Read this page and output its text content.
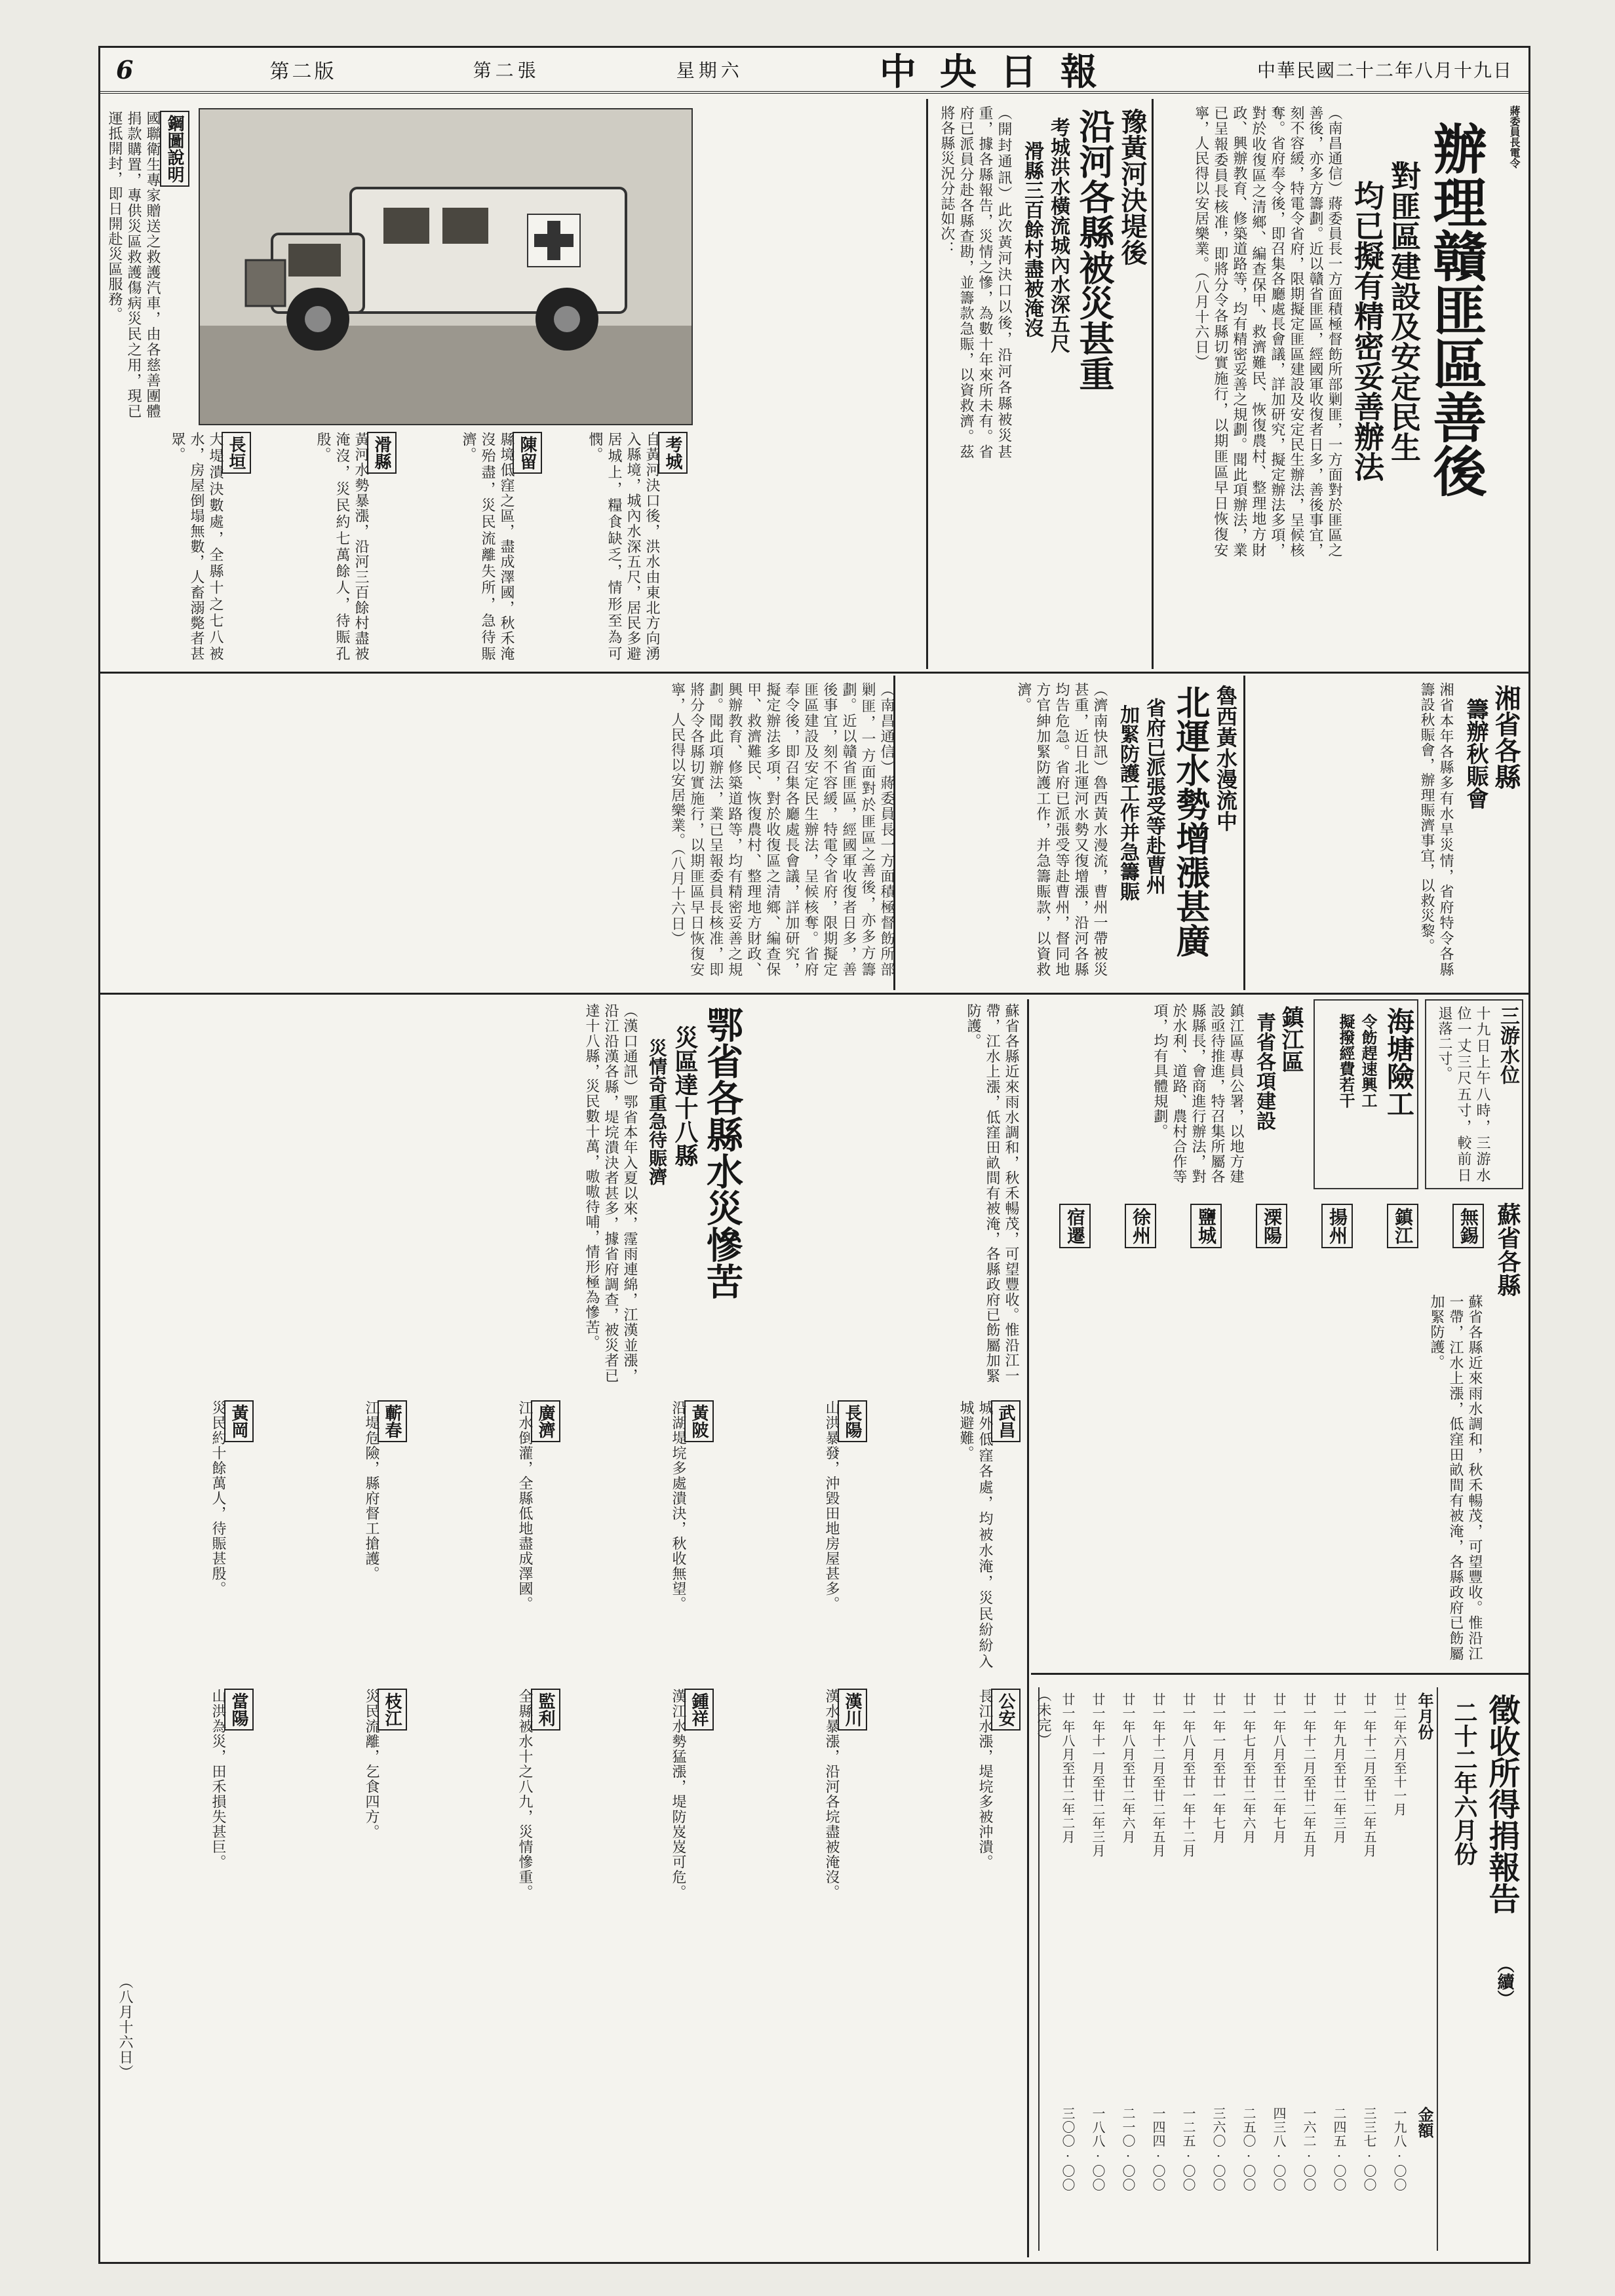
中華民國二十二年八月十九日
中央日報
星期六
第二張
第二版
6
蔣委員長電令
辦理贛匪區善後
對匪區建設及安定民生
均已擬有精密妥善辦法
（南昌通信）蔣委員長一方面積極督飭所部剿匪，一方面對於匪區之善後，亦多方籌劃。近以贛省匪區，經國軍收復者日多，善後事宜，刻不容緩，特電令省府，限期擬定匪區建設及安定民生辦法，呈候核奪。省府奉令後，即召集各廳處長會議，詳加研究，擬定辦法多項，對於收復區之清鄉、編查保甲、救濟難民、恢復農村、整理地方財政、興辦教育、修築道路等，均有精密妥善之規劃。聞此項辦法，業已呈報委員長核准，即將分令各縣切實施行，以期匪區早日恢復安寧，人民得以安居樂業。（八月十六日）
豫黃河決堤後
沿河各縣被災甚重
考城洪水橫流城內水深五尺
滑縣三百餘村盡被淹沒
（開封通訊）此次黃河決口以後，沿河各縣被災甚重，據各縣報告，災情之慘，為數十年來所未有。省府已派員分赴各縣查勘，並籌款急賑，以資救濟。茲將各縣災況分誌如次：
鋼圖說明
國聯衛生專家贈送之救護汽車，由各慈善團體捐款購置，專供災區救護傷病災民之用，現已運抵開封，即日開赴災區服務。
考城
自黃河決口後，洪水由東北方向湧入縣境，城內水深五尺，居民多避居城上，糧食缺乏，情形至為可憫。
陳留
縣境低窪之區，盡成澤國，秋禾淹沒殆盡，災民流離失所，急待賑濟。
滑縣
黃河水勢暴漲，沿河三百餘村盡被淹沒，災民約七萬餘人，待賑孔殷。
長垣
大堤潰決數處，全縣十之七八被水，房屋倒塌無數，人畜溺斃者甚眾。
湘省各縣
籌辦秋賑會
湘省本年各縣多有水旱災情，省府特令各縣籌設秋賑會，辦理賑濟事宜，以救災黎。
魯西黃水漫流中
北運水勢增漲甚廣
省府已派張受等赴曹州
加緊防護工作并急籌賑
（濟南快訊）魯西黃水漫流，曹州一帶被災甚重，近日北運河水勢又復增漲，沿河各縣均告危急。省府已派張受等赴曹州，督同地方官紳加緊防護工作，并急籌賑款，以資救濟。
（南昌通信）蔣委員長一方面積極督飭所部剿匪，一方面對於匪區之善後，亦多方籌劃。近以贛省匪區，經國軍收復者日多，善後事宜，刻不容緩，特電令省府，限期擬定匪區建設及安定民生辦法，呈候核奪。省府奉令後，即召集各廳處長會議，詳加研究，擬定辦法多項，對於收復區之清鄉、編查保甲、救濟難民、恢復農村、整理地方財政、興辦教育、修築道路等，均有精密妥善之規劃。聞此項辦法，業已呈報委員長核准，即將分令各縣切實施行，以期匪區早日恢復安寧，人民得以安居樂業。（八月十六日）
三游水位
十九日上午八時，三游水位一丈三尺五寸，較前日退落二寸。
海塘險工
令飭趕速興工
擬撥經費若干
鎮江區
青省各項建設
鎮江區專員公署，以地方建設亟待推進，特召集所屬各縣縣長，會商進行辦法，對於水利、道路、農村合作等項，均有具體規劃。
鄂省各縣水災慘苦
災區達十八縣
災情奇重急待賑濟
（漢口通訊）鄂省本年入夏以來，霪雨連綿，江漢並漲，沿江沿漢各縣，堤垸潰決者甚多，據省府調查，被災者已達十八縣，災民數十萬，嗷嗷待哺，情形極為慘苦。	蘇省各縣近來雨水調和，秋禾暢茂，可望豐收。惟沿江一帶，江水上漲，低窪田畝間有被淹，各縣政府已飭屬加緊防護。
武昌
城外低窪各處，均被水淹，災民紛紛入城避難。
長陽
山洪暴發，沖毀田地房屋甚多。
黃陂
沿湖堤垸多處潰決，秋收無望。
廣濟
江水倒灌，全縣低地盡成澤國。
蘄春
江堤危險，縣府督工搶護。
黃岡
災民約十餘萬人，待賑甚殷。
公安
長江水漲，堤垸多被沖潰。
漢川
漢水暴漲，沿河各垸盡被淹沒。
鍾祥
漢江水勢猛漲，堤防岌岌可危。
監利
全縣被水十之八九，災情慘重。
枝江
災民流離，乞食四方。
當陽
山洪為災，田禾損失甚巨。
（八月十六日）
蘇省各縣
無錫
鎮江
揚州
溧陽
鹽城
徐州
宿遷
蘇省各縣近來雨水調和，秋禾暢茂，可望豐收。惟沿江一帶，江水上漲，低窪田畝間有被淹，各縣政府已飭屬加緊防護。
徵收所得捐報告
（續）
二十二年六月份
年月份
金額
廿二年六月至十一月
一九八·〇〇
廿一年十二月至廿二年五月
三三七·〇〇
廿一年九月至廿二年三月
二四五·〇〇
廿一年十二月至廿二年五月
一六二·〇〇
廿一年八月至廿二年七月
四三八·〇〇
廿一年七月至廿二年六月
二五〇·〇〇
廿一年一月至廿一年七月
三六〇·〇〇
廿一年八月至廿一年十二月
一二五·〇〇
廿一年十二月至廿二年五月
一四四·〇〇
廿一年八月至廿二年六月
二一〇·〇〇
廿一年十一月至廿二年三月
一八八·〇〇
廿一年八月至廿二年二月
三〇〇·〇〇
（未完）
